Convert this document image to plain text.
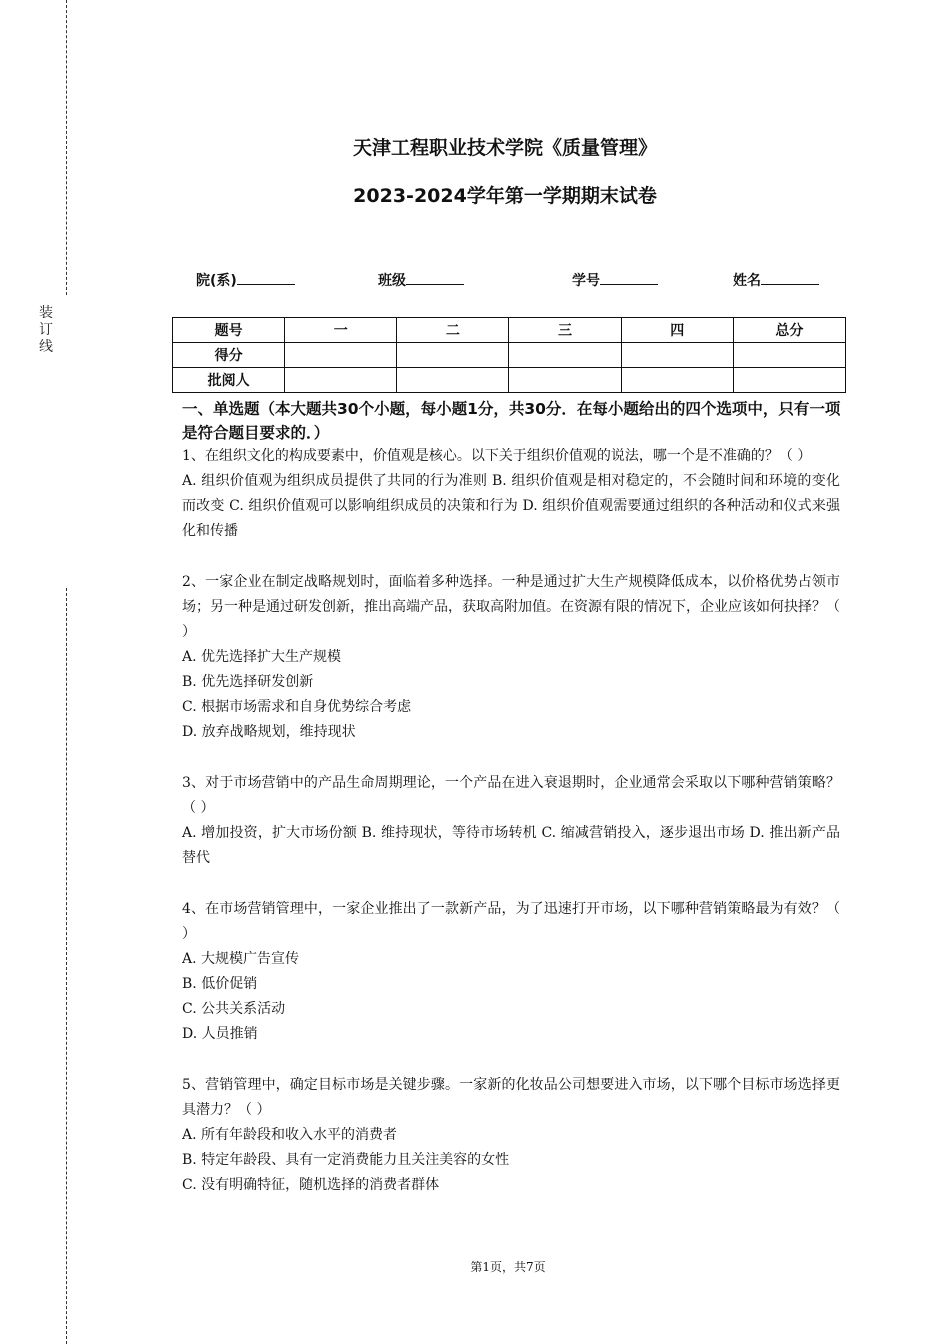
装
订
线
天津工程职业技术学院《质量管理》
2023-2024学年第一学期期末试卷
院(系)	班级	学号	姓名
题号	一	二	三	四	总分
得分					
批阅人					
一、单选题（本大题共30个小题，每小题1分，共30分．在每小题给出的四个选项中，只有一项是符合题目要求的．）

1、在组织文化的构成要素中，价值观是核心。以下关于组织价值观的说法，哪一个是不准确的？（ ）

A. 组织价值观为组织成员提供了共同的行为准则 B. 组织价值观是相对稳定的，不会随时间和环境的变化而改变 C. 组织价值观可以影响组织成员的决策和行为 D. 组织价值观需要通过组织的各种活动和仪式来强化和传播

2、一家企业在制定战略规划时，面临着多种选择。一种是通过扩大生产规模降低成本，以价格优势占领市场；另一种是通过研发创新，推出高端产品，获取高附加值。在资源有限的情况下，企业应该如何抉择？（ ）

A. 优先选择扩大生产规模

B. 优先选择研发创新

C. 根据市场需求和自身优势综合考虑

D. 放弃战略规划，维持现状

3、对于市场营销中的产品生命周期理论，一个产品在进入衰退期时，企业通常会采取以下哪种营销策略？（ ）

A. 增加投资，扩大市场份额 B. 维持现状，等待市场转机 C. 缩减营销投入，逐步退出市场 D. 推出新产品替代

4、在市场营销管理中，一家企业推出了一款新产品，为了迅速打开市场，以下哪种营销策略最为有效？（ ）

A. 大规模广告宣传

B. 低价促销

C. 公共关系活动

D. 人员推销

5、营销管理中，确定目标市场是关键步骤。一家新的化妆品公司想要进入市场，以下哪个目标市场选择更具潜力？（ ）

A. 所有年龄段和收入水平的消费者

B. 特定年龄段、具有一定消费能力且关注美容的女性

C. 没有明确特征，随机选择的消费者群体

第1页，共7页
